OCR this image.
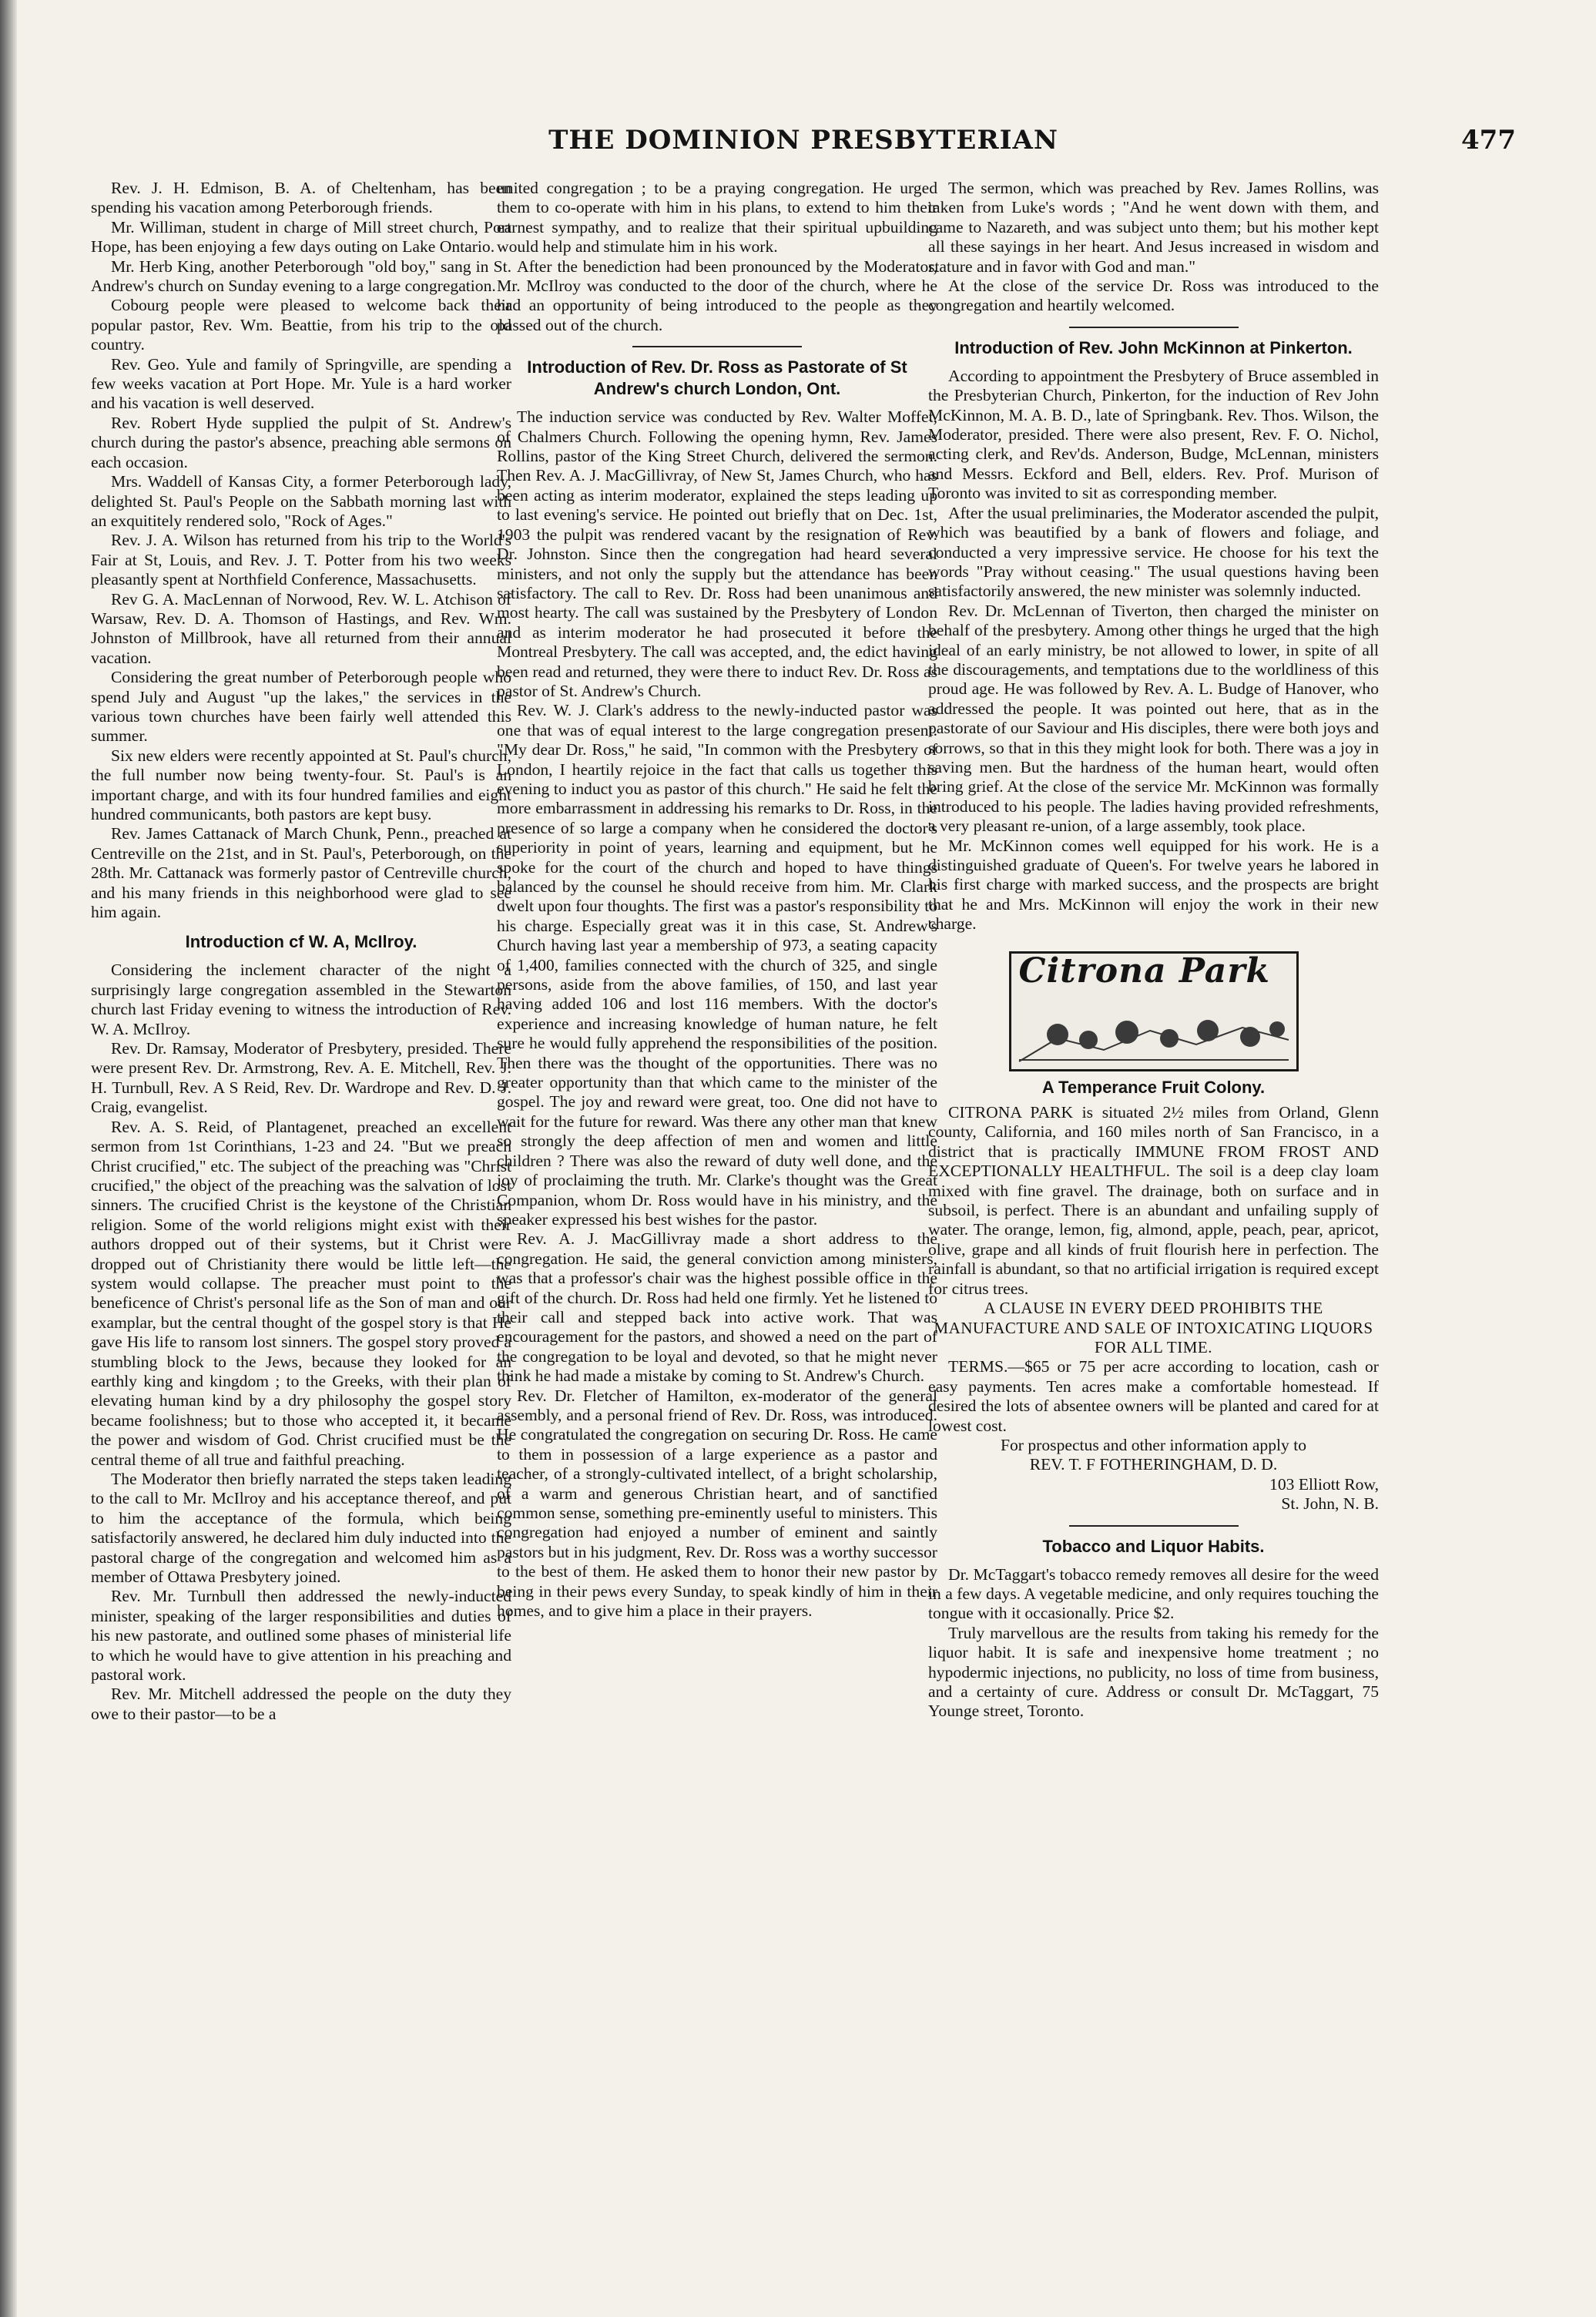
THE DOMINION PRESBYTERIAN	477

Rev. J. H. Edmison, B. A. of Cheltenham, has been spending his vacation among Peterborough friends.

Mr. Williman, student in charge of Mill street church, Port Hope, has been enjoying a few days outing on Lake Ontario.

Mr. Herb King, another Peterborough "old boy," sang in St. Andrew's church on Sunday evening to a large congregation.

Cobourg people were pleased to welcome back their popular pastor, Rev. Wm. Beattie, from his trip to the old country.

Rev. Geo. Yule and family of Springville, are spending a few weeks vacation at Port Hope. Mr. Yule is a hard worker and his vacation is well deserved.

Rev. Robert Hyde supplied the pulpit of St. Andrew's church during the pastor's absence, preaching able sermons on each occasion.

Mrs. Waddell of Kansas City, a former Peterborough lady, delighted St. Paul's People on the Sabbath morning last with an exquititely rendered solo, "Rock of Ages."

Rev. J. A. Wilson has returned from his trip to the World's Fair at St, Louis, and Rev. J. T. Potter from his two weeks pleasantly spent at Northfield Conference, Massachusetts.

Rev G. A. MacLennan of Norwood, Rev. W. L. Atchison of Warsaw, Rev. D. A. Thomson of Hastings, and Rev. Wm. Johnston of Millbrook, have all returned from their annual vacation.

Considering the great number of Peterborough people who spend July and August "up the lakes," the services in the various town churches have been fairly well attended this summer.

Six new elders were recently appointed at St. Paul's church, the full number now being twenty-four. St. Paul's is an important charge, and with its four hundred families and eight hundred communicants, both pastors are kept busy.

Rev. James Cattanack of March Chunk, Penn., preached at Centreville on the 21st, and in St. Paul's, Peterborough, on the 28th. Mr. Cattanack was formerly pastor of Centreville church, and his many friends in this neighborhood were glad to see him again.

Introduction cf W. A, McIlroy.

Considering the inclement character of the night a surprisingly large congregation assembled in the Stewarton church last Friday evening to witness the introduction of Rev. W. A. McIlroy.

Rev. Dr. Ramsay, Moderator of Presbytery, presided. There were present Rev. Dr. Armstrong, Rev. A. E. Mitchell, Rev. J. H. Turnbull, Rev. A S Reid, Rev. Dr. Wardrope and Rev. D. J. Craig, evangelist.

Rev. A. S. Reid, of Plantagenet, preached an excellent sermon from 1st Corinthians, 1-23 and 24. "But we preach Christ crucified," etc. The subject of the preaching was "Christ crucified," the object of the preaching was the salvation of lost sinners. The crucified Christ is the keystone of the Christian religion. Some of the world religions might exist with their authors dropped out of their systems, but it Christ were dropped out of Christianity there would be little left—the system would collapse. The preacher must point to the beneficence of Christ's personal life as the Son of man and our examplar, but the central thought of the gospel story is that He gave His life to ransom lost sinners. The gospel story proved a stumbling block to the Jews, because they looked for an earthly king and kingdom ; to the Greeks, with their plan of elevating human kind by a dry philosophy the gospel story became foolishness; but to those who accepted it, it became the power and wisdom of God. Christ crucified must be the central theme of all true and faithful preaching.

The Moderator then briefly narrated the steps taken leading to the call to Mr. McIlroy and his acceptance thereof, and put to him the acceptance of the formula, which being satisfactorily answered, he declared him duly inducted into the pastoral charge of the congregation and welcomed him as a member of Ottawa Presbytery joined.

Rev. Mr. Turnbull then addressed the newly-inducted minister, speaking of the larger responsibilities and duties of his new pastorate, and outlined some phases of ministerial life to which he would have to give attention in his preaching and pastoral work.

Rev. Mr. Mitchell addressed the people on the duty they owe to their pastor—to be a

united congregation ; to be a praying congregation. He urged them to co-operate with him in his plans, to extend to him their earnest sympathy, and to realize that their spiritual upbuilding would help and stimulate him in his work.

After the benediction had been pronounced by the Moderator, Mr. McIlroy was conducted to the door of the church, where he had an opportunity of being introduced to the people as they passed out of the church.

Introduction of Rev. Dr. Ross as Pastorate of St Andrew's church London, Ont.

The induction service was conducted by Rev. Walter Moffet, of Chalmers Church. Following the opening hymn, Rev. James Rollins, pastor of the King Street Church, delivered the sermon. Then Rev. A. J. MacGillivray, of New St, James Church, who has been acting as interim moderator, explained the steps leading up to last evening's service. He pointed out briefly that on Dec. 1st, 1903 the pulpit was rendered vacant by the resignation of Rev. Dr. Johnston. Since then the congregation had heard several ministers, and not only the supply but the attendance has been satisfactory. The call to Rev. Dr. Ross had been unanimous and most hearty. The call was sustained by the Presbytery of London and as interim moderator he had prosecuted it before the Montreal Presbytery. The call was accepted, and, the edict having been read and returned, they were there to induct Rev. Dr. Ross as pastor of St. Andrew's Church.

Rev. W. J. Clark's address to the newly-inducted pastor was one that was of equal interest to the large congregation present. "My dear Dr. Ross," he said, "In common with the Presbytery of London, I heartily rejoice in the fact that calls us together this evening to induct you as pastor of this church." He said he felt the more embarrassment in addressing his remarks to Dr. Ross, in the presence of so large a company when he considered the doctor's superiority in point of years, learning and equipment, but he spoke for the court of the church and hoped to have things balanced by the counsel he should receive from him. Mr. Clark dwelt upon four thoughts. The first was a pastor's responsibility to his charge. Especially great was it in this case, St. Andrew's Church having last year a membership of 973, a seating capacity of 1,400, families connected with the church of 325, and single persons, aside from the above families, of 150, and last year having added 106 and lost 116 members. With the doctor's experience and increasing knowledge of human nature, he felt sure he would fully apprehend the responsibilities of the position. Then there was the thought of the opportunities. There was no greater opportunity than that which came to the minister of the gospel. The joy and reward were great, too. One did not have to wait for the future for reward. Was there any other man that knew so strongly the deep affection of men and women and little children ? There was also the reward of duty well done, and the joy of proclaiming the truth. Mr. Clarke's thought was the Great Companion, whom Dr. Ross would have in his ministry, and the speaker expressed his best wishes for the pastor.

Rev. A. J. MacGillivray made a short address to the congregation. He said, the general conviction among ministers, was that a professor's chair was the highest possible office in the gift of the church. Dr. Ross had held one firmly. Yet he listened to their call and stepped back into active work. That was encouragement for the pastors, and showed a need on the part of the congregation to be loyal and devoted, so that he might never think he had made a mistake by coming to St. Andrew's Church.

Rev. Dr. Fletcher of Hamilton, ex-moderator of the general assembly, and a personal friend of Rev. Dr. Ross, was introduced. He congratulated the congregation on securing Dr. Ross. He came to them in possession of a large experience as a pastor and teacher, of a strongly-cultivated intellect, of a bright scholarship, of a warm and generous Christian heart, and of sanctified common sense, something pre-eminently useful to ministers. This congregation had enjoyed a number of eminent and saintly pastors but in his judgment, Rev. Dr. Ross was a worthy successor to the best of them. He asked them to honor their new pastor by being in their pews every Sunday, to speak kindly of him in their homes, and to give him a place in their prayers.

The sermon, which was preached by Rev. James Rollins, was taken from Luke's words ; "And he went down with them, and came to Nazareth, and was subject unto them; but his mother kept all these sayings in her heart. And Jesus increased in wisdom and stature and in favor with God and man."

At the close of the service Dr. Ross was introduced to the congregation and heartily welcomed.

Introduction of Rev. John McKinnon at Pinkerton.

According to appointment the Presbytery of Bruce assembled in the Presbyterian Church, Pinkerton, for the induction of Rev John McKinnon, M. A. B. D., late of Springbank. Rev. Thos. Wilson, the Moderator, presided. There were also present, Rev. F. O. Nichol, acting clerk, and Rev'ds. Anderson, Budge, McLennan, ministers and Messrs. Eckford and Bell, elders. Rev. Prof. Murison of Toronto was invited to sit as corresponding member.

After the usual preliminaries, the Moderator ascended the pulpit, which was beautified by a bank of flowers and foliage, and conducted a very impressive service. He choose for his text the words "Pray without ceasing." The usual questions having been satisfactorily answered, the new minister was solemnly inducted.

Rev. Dr. McLennan of Tiverton, then charged the minister on behalf of the presbytery. Among other things he urged that the high ideal of an early ministry, be not allowed to lower, in spite of all the discouragements, and temptations due to the worldliness of this proud age. He was followed by Rev. A. L. Budge of Hanover, who addressed the people. It was pointed out here, that as in the pastorate of our Saviour and His disciples, there were both joys and sorrows, so that in this they might look for both. There was a joy in saving men. But the hardness of the human heart, would often bring grief. At the close of the service Mr. McKinnon was formally introduced to his people. The ladies having provided refreshments, a very pleasant re-union, of a large assembly, took place.

Mr. McKinnon comes well equipped for his work. He is a distinguished graduate of Queen's. For twelve years he labored in his first charge with marked success, and the prospects are bright that he and Mrs. McKinnon will enjoy the work in their new charge.

Citrona Park
A Temperance Fruit Colony.

CITRONA PARK is situated 2½ miles from Orland, Glenn county, California, and 160 miles north of San Francisco, in a district that is practically IMMUNE FROM FROST AND EXCEPTIONALLY HEALTHFUL. The soil is a deep clay loam mixed with fine gravel. The drainage, both on surface and in subsoil, is perfect. There is an abundant and unfailing supply of water. The orange, lemon, fig, almond, apple, peach, pear, apricot, olive, grape and all kinds of fruit flourish here in perfection. The rainfall is abundant, so that no artificial irrigation is required except for citrus trees.

A CLAUSE IN EVERY DEED PROHIBITS THE MANUFACTURE AND SALE OF INTOXICATING LIQUORS FOR ALL TIME.

TERMS.—$65 or 75 per acre according to location, cash or easy payments. Ten acres make a comfortable homestead. If desired the lots of absentee owners will be planted and cared for at lowest cost.

For prospectus and other information apply to

REV. T. F FOTHERINGHAM, D. D.

103 Elliott Row,

St. John, N. B.

Tobacco and Liquor Habits.

Dr. McTaggart's tobacco remedy removes all desire for the weed in a few days. A vegetable medicine, and only requires touching the tongue with it occasionally. Price $2.

Truly marvellous are the results from taking his remedy for the liquor habit. It is safe and inexpensive home treatment ; no hypodermic injections, no publicity, no loss of time from business, and a certainty of cure. Address or consult Dr. McTaggart, 75 Younge street, Toronto.
